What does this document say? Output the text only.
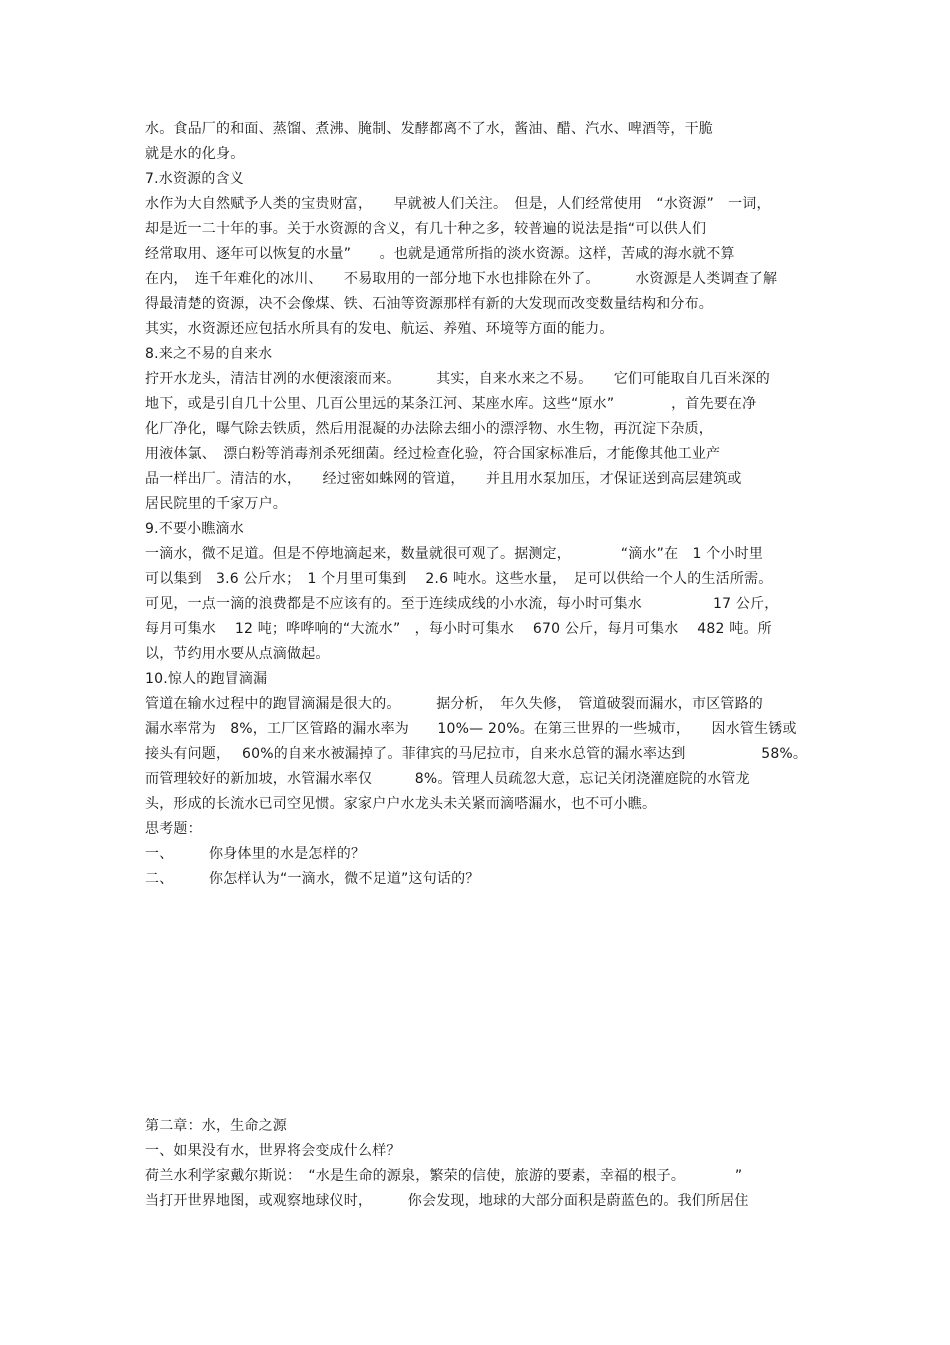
水。食品厂的和面、蒸馏、煮沸、腌制、发酵都离不了水，酱油、醋、汽水、啤酒等，干脆
就是水的化身。
7.水资源的含义
水作为大自然赋予人类的宝贵财富，　　早就被人们关注。　但是，人们经常使用　“水资源”　一词，
却是近一二十年的事。关于水资源的含义，有几十种之多，较普遍的说法是指“可以供人们
经常取用、逐年可以恢复的水量”　　。也就是通常所指的淡水资源。这样，苦咸的海水就不算
在内，　连千年难化的冰川、　　不易取用的一部分地下水也排除在外了。　　　水资源是人类调查了解
得最清楚的资源，决不会像煤、铁、石油等资源那样有新的大发现而改变数量结构和分布。
其实，水资源还应包括水所具有的发电、航运、养殖、环境等方面的能力。
8.来之不易的自来水
拧开水龙头，清洁甘冽的水便滚滚而来。　　　其实，自来水来之不易。　　它们可能取自几百米深的
地下，或是引自几十公里、几百公里远的某条江河、某座水库。这些“原水”　　　　，首先要在净
化厂净化，曝气除去铁质，然后用混凝的办法除去细小的漂浮物、水生物，再沉淀下杂质，
用液体氯、　漂白粉等消毒剂杀死细菌。经过检查化验，符合国家标准后，才能像其他工业产
品一样出厂。清洁的水，　　经过密如蛛网的管道，　　并且用水泵加压，才保证送到高层建筑或
居民院里的千家万户。
9.不要小瞧滴水
一滴水，微不足道。但是不停地滴起来，数量就很可观了。据测定，　　　　“滴水”在　1 个小时里
可以集到　3.6 公斤水；　1 个月里可集到　 2.6 吨水。这些水量，　足可以供给一个人的生活所需。
可见，一点一滴的浪费都是不应该有的。至于连续成线的小水流，每小时可集水　　　　　17 公斤，
每月可集水　 12 吨；哗哗响的“大流水”　，每小时可集水　 670 公斤，每月可集水　 482 吨。所
以，节约用水要从点滴做起。
10.惊人的跑冒滴漏
管道在输水过程中的跑冒滴漏是很大的。　　　据分析，　年久失修，　管道破裂而漏水，市区管路的
漏水率常为　8%，工厂区管路的漏水率为　　10%— 20%。在第三世界的一些城市，　　因水管生锈或
接头有问题，　 60%的自来水被漏掉了。菲律宾的马尼拉市，自来水总管的漏水率达到　　　　　 58%。
而管理较好的新加坡，水管漏水率仅　　　8%。管理人员疏忽大意，忘记关闭浇灌庭院的水管龙
头，形成的长流水已司空见惯。家家户户水龙头未关紧而滴嗒漏水，也不可小瞧。
思考题：
一、　　　你身体里的水是怎样的？
二、　　　你怎样认为“一滴水，微不足道”这句话的？
第二章：水，生命之源
一、如果没有水，世界将会变成什么样？
荷兰水利学家戴尔斯说：　“水是生命的源泉，繁荣的信使，旅游的要素，幸福的根子。　　　　”
当打开世界地图，或观察地球仪时，　　　你会发现，地球的大部分面积是蔚蓝色的。我们所居住
